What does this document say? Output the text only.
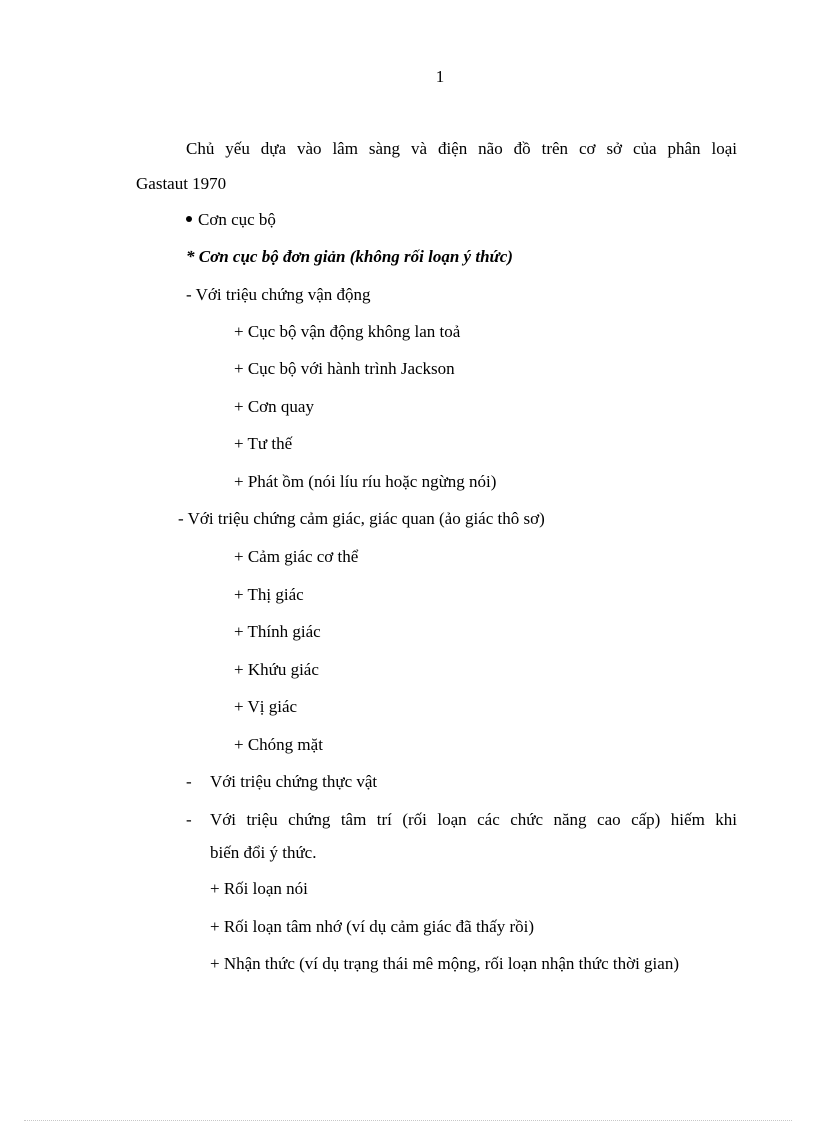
1
Chủ yếu dựa vào lâm sàng và điện não đồ trên cơ sở của phân loại
Gastaut 1970
Cơn cục bộ
* Cơn cục bộ đơn giản (không rối loạn ý thức)
- Với triệu chứng vận động
+ Cục bộ vận động không lan toả
+ Cục bộ với hành trình Jackson
+ Cơn quay
+ Tư thế
+ Phát ồm (nói líu ríu hoặc ngừng nói)
- Với triệu chứng cảm giác, giác quan (ảo giác thô sơ)
+ Cảm giác cơ thể
+ Thị giác
+ Thính giác
+ Khứu giác
+ Vị giác
+ Chóng mặt
- Với triệu chứng thực vật
- Với triệu chứng tâm trí (rối loạn các chức năng cao cấp) hiếm khi
biến đổi ý thức.
+ Rối loạn nói
+ Rối loạn tâm nhớ (ví dụ cảm giác đã thấy rồi)
+ Nhận thức (ví dụ trạng thái mê mộng, rối loạn nhận thức thời gian)
